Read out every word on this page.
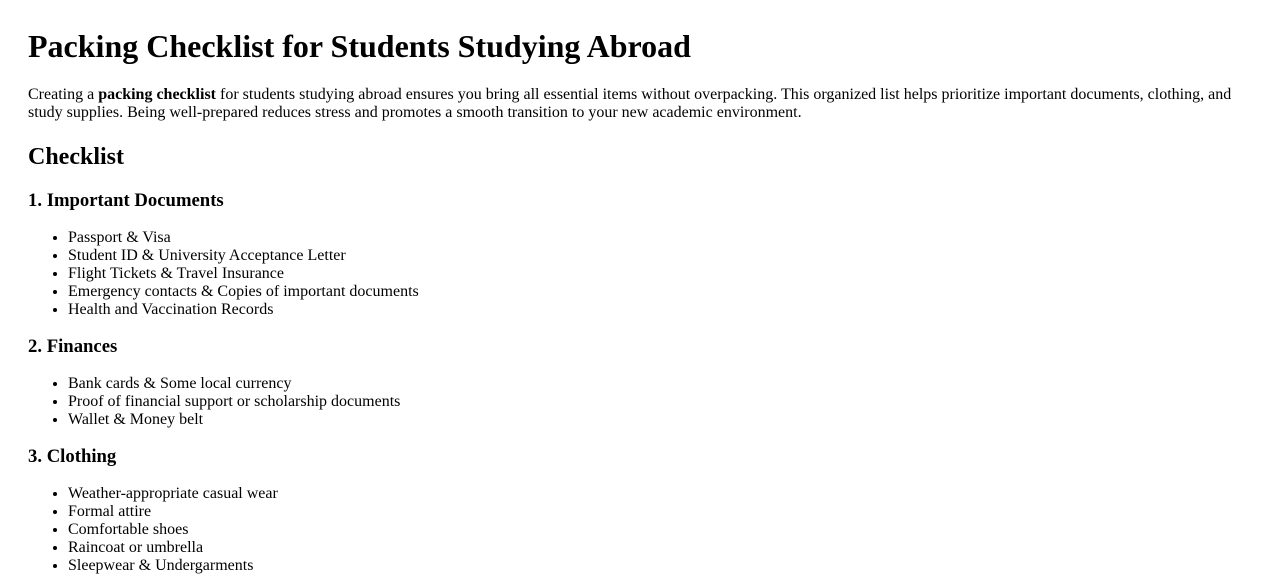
Packing Checklist for Students Studying Abroad

Creating a packing checklist for students studying abroad ensures you bring all essential items without overpacking. This organized list helps prioritize important documents, clothing, and study supplies. Being well-prepared reduces stress and promotes a smooth transition to your new academic environment.

Checklist
1. Important Documents
• Passport & Visa
• Student ID & University Acceptance Letter
• Flight Tickets & Travel Insurance
• Emergency contacts & Copies of important documents
• Health and Vaccination Records
2. Finances
• Bank cards & Some local currency
• Proof of financial support or scholarship documents
• Wallet & Money belt
3. Clothing
• Weather-appropriate casual wear
• Formal attire
• Comfortable shoes
• Raincoat or umbrella
• Sleepwear & Undergarments
